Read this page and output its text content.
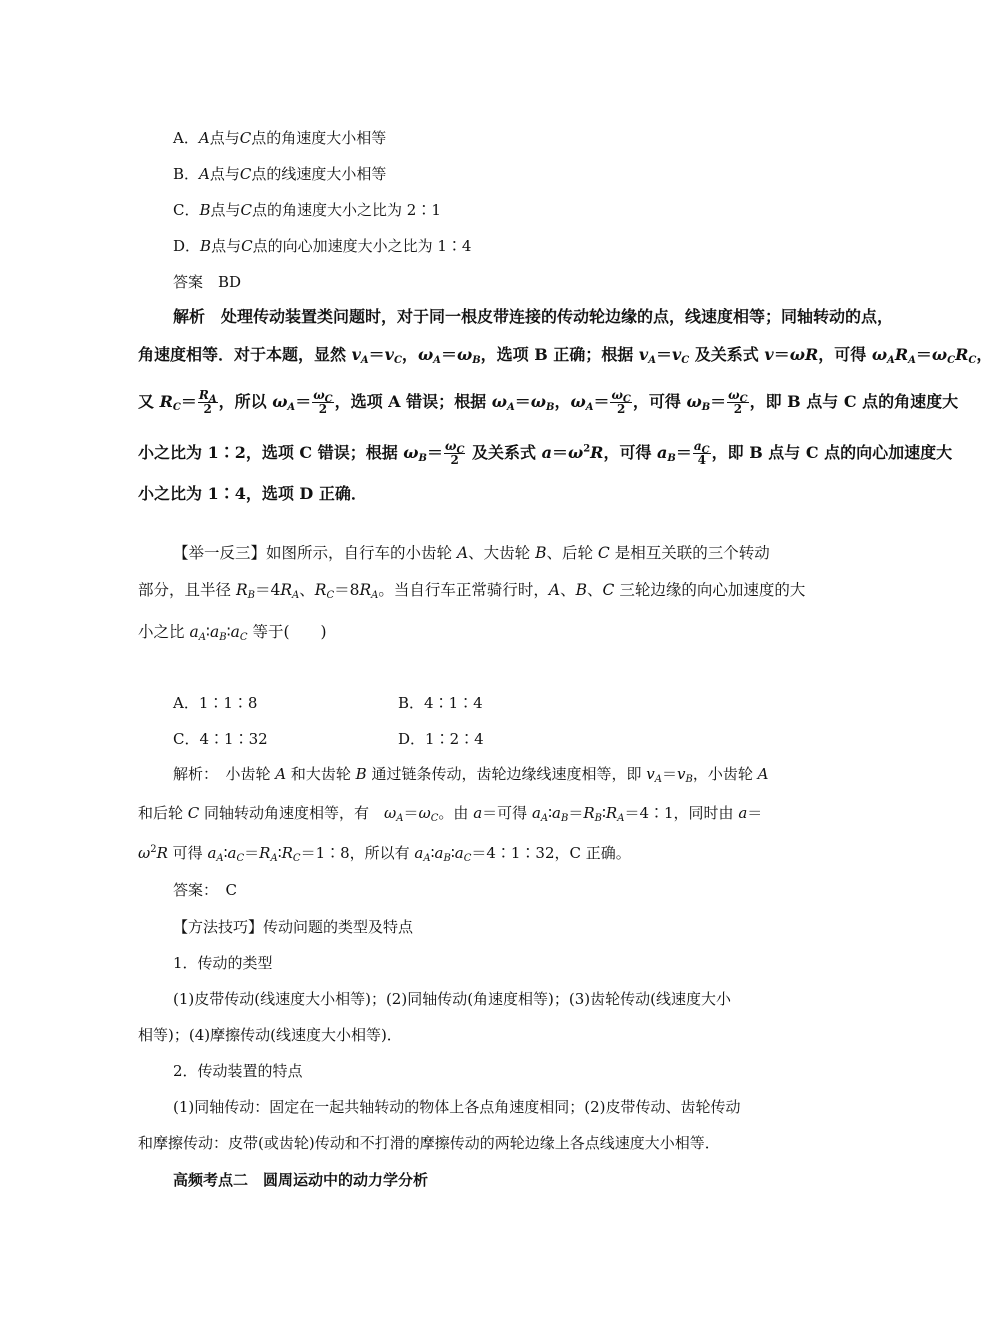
A．A点与C点的角速度大小相等
B．A点与C点的线速度大小相等
C．B点与C点的角速度大小之比为 2∶1
D．B点与C点的向心加速度大小之比为 1∶4
答案　BD
解析　处理传动装置类问题时，对于同一根皮带连接的传动轮边缘的点，线速度相等；同轴转动的点，
角速度相等．对于本题，显然 $v_A=v_C$，$\omega_A=\omega_B$，选项 B 正确；根据 $v_A=v_C$ 及关系式 v＝ωR，可得 $\omega_AR_A=\omega_CR_C$，
又 $R_C= \frac{R_A}{2}$ ，所以 $\omega_A= \frac{\omega_C}{2}$ ，选项 A 错误；根据 $\omega_A=\omega_B$，$\omega_A= \frac{\omega_C}{2}$ ，可得 $\omega_B= \frac{\omega_C}{2}$ ，即 B 点与 C 点的角速度大
小之比为 1∶2，选项 C 错误；根据 $\omega_B= \frac{\omega_C}{2}$ 及关系式 $a=\omega^2R$，可得 $a_B= \frac{a_C}{4}$ ，即 B 点与 C 点的向心加速度大
小之比为 1∶4，选项 D 正确．
【举一反三】如图所示，自行车的小齿轮 A、大齿轮 B、后轮 C 是相互关联的三个转动
部分，且半径 $R_B=4R_A$、$R_C=8R_A$。当自行车正常骑行时，A、B、C 三轮边缘的向心加速度的大
小之比 $a_A∶a_B∶a_C$ 等于(　　)
A．1∶1∶8	B．4∶1∶4
C．4∶1∶32	D．1∶2∶4
解析：　小齿轮 A 和大齿轮 B 通过链条传动，齿轮边缘线速度相等，即 $v_A=v_B$，小齿轮 A
和后轮 C 同轴转动角速度相等，有　$\omega_A=\omega_C$。由 a＝可得 $a_A∶a_B=R_B∶R_A=4∶1$，同时由 a＝
$\omega^2R$ 可得 $a_A∶a_C=R_A∶R_C=1∶8$，所以有 $a_A∶a_B∶a_C=4∶1∶32$，C 正确。
答案：　C
【方法技巧】传动问题的类型及特点
1．传动的类型
(1)皮带传动(线速度大小相等)；(2)同轴传动(角速度相等)；(3)齿轮传动(线速度大小
相等)；(4)摩擦传动(线速度大小相等)．
2．传动装置的特点
(1)同轴传动：固定在一起共轴转动的物体上各点角速度相同；(2)皮带传动、齿轮传动
和摩擦传动：皮带(或齿轮)传动和不打滑的摩擦传动的两轮边缘上各点线速度大小相等．
高频考点二　圆周运动中的动力学分析
